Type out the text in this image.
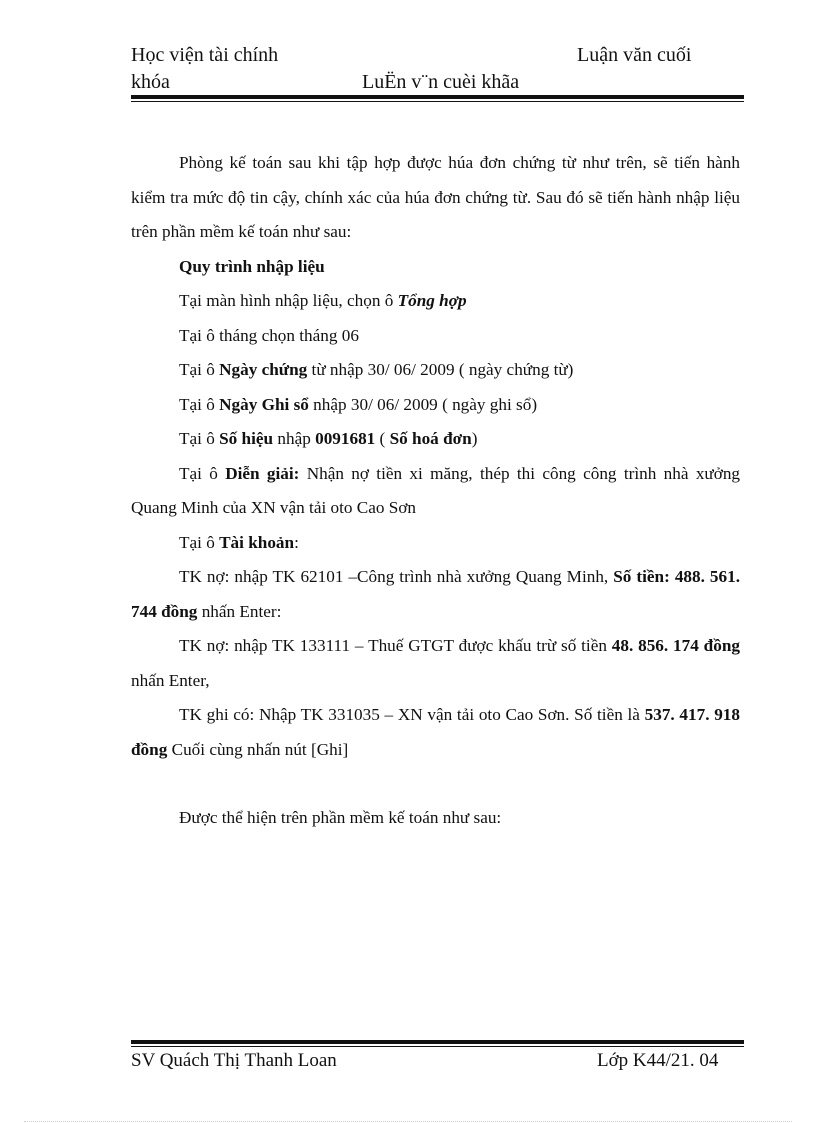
Học viện tài chính	Luận văn cuối
khóa	LuËn v¨n cuèi khãa

Phòng kế toán sau khi tập hợp được húa đơn chứng từ như trên, sẽ tiến hành kiểm tra mức độ tin cậy, chính xác của húa đơn chứng từ. Sau đó sẽ tiến hành nhập liệu trên phần mềm kế toán như sau:

Quy trình nhập liệu

Tại màn hình nhập liệu, chọn ô Tổng hợp

Tại ô tháng chọn tháng 06

Tại ô Ngày chứng từ nhập 30/ 06/ 2009 ( ngày chứng từ)

Tại ô Ngày Ghi sổ nhập 30/ 06/ 2009 ( ngày ghi sổ)

Tại ô Số hiệu nhập 0091681 ( Số hoá đơn)

Tại ô Diễn giải: Nhận nợ tiền xi măng, thép thi công công trình nhà xưởng Quang Minh của XN vận tải oto Cao Sơn

Tại ô Tài khoản:

TK nợ: nhập TK 62101 –Công trình nhà xưởng Quang Minh, Số tiền: 488. 561. 744 đồng nhấn Enter:

TK nợ: nhập TK 133111 – Thuế GTGT được khấu trừ số tiền 48. 856. 174 đồng nhấn Enter,

TK ghi có: Nhập TK 331035 – XN vận tải oto Cao Sơn. Số tiền là 537. 417. 918 đồng Cuối cùng nhấn nút [Ghi]

Được thể hiện trên phần mềm kế toán như sau:

SV Quách Thị Thanh Loan	Lớp K44/21. 04
